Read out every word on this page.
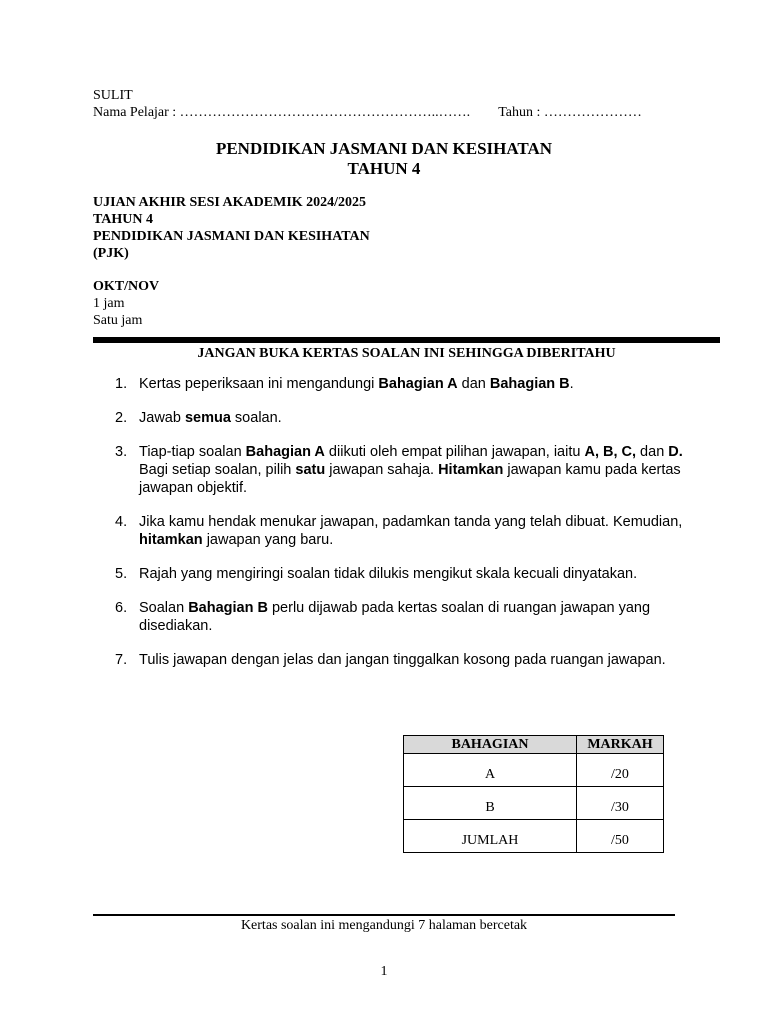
SULIT
Nama Pelajar : ………………………………………………..……. Tahun : …………………
PENDIDIKAN JASMANI DAN KESIHATAN
TAHUN 4
UJIAN AKHIR SESI AKADEMIK 2024/2025
TAHUN 4
PENDIDIKAN JASMANI DAN KESIHATAN
(PJK)
OKT/NOV
1 jam
Satu jam
JANGAN BUKA KERTAS SOALAN INI SEHINGGA DIBERITAHU
1. Kertas peperiksaan ini mengandungi Bahagian A dan Bahagian B.
2. Jawab semua soalan.
3. Tiap-tiap soalan Bahagian A diikuti oleh empat pilihan jawapan, iaitu A, B, C, dan D. Bagi setiap soalan, pilih satu jawapan sahaja. Hitamkan jawapan kamu pada kertas jawapan objektif.
4. Jika kamu hendak menukar jawapan, padamkan tanda yang telah dibuat. Kemudian, hitamkan jawapan yang baru.
5. Rajah yang mengiringi soalan tidak dilukis mengikut skala kecuali dinyatakan.
6. Soalan Bahagian B perlu dijawab pada kertas soalan di ruangan jawapan yang disediakan.
7. Tulis jawapan dengan jelas dan jangan tinggalkan kosong pada ruangan jawapan.
BAHAGIAN	MARKAH
A	/20
B	/30
JUMLAH	/50
Kertas soalan ini mengandungi 7 halaman bercetak
1
